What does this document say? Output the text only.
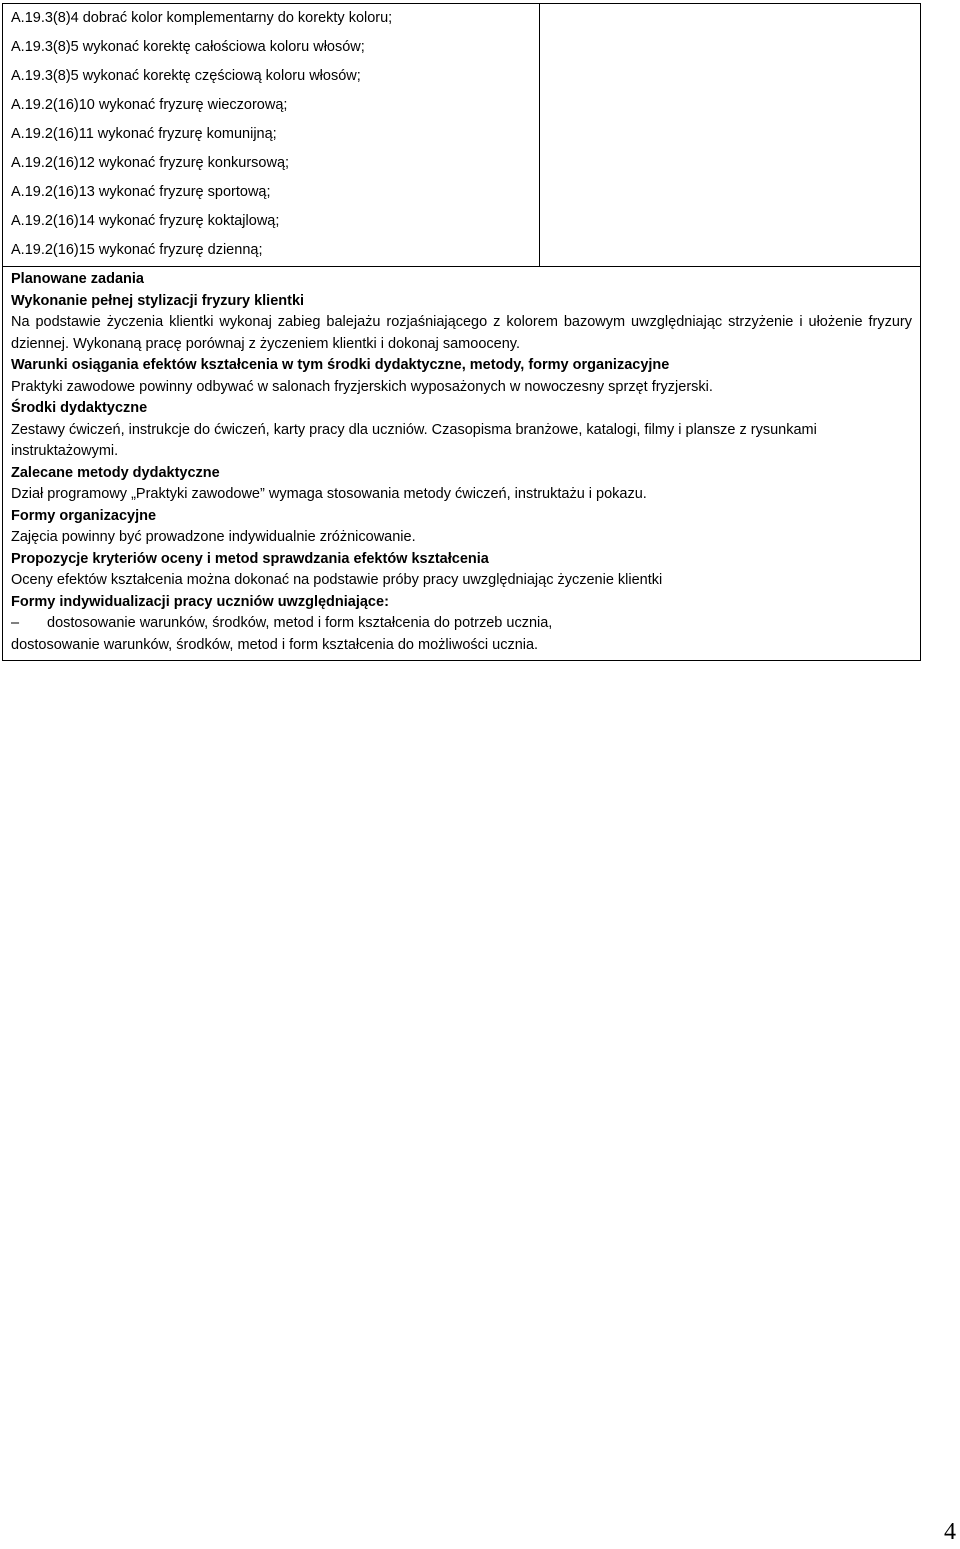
A.19.3(8)4 dobrać kolor komplementarny do korekty koloru;
A.19.3(8)5 wykonać korektę całościowa koloru włosów;
A.19.3(8)5 wykonać korektę częściową koloru włosów;
A.19.2(16)10 wykonać fryzurę wieczorową;
A.19.2(16)11 wykonać fryzurę komunijną;
A.19.2(16)12 wykonać fryzurę konkursową;
A.19.2(16)13 wykonać fryzurę sportową;
A.19.2(16)14 wykonać fryzurę koktajlową;
A.19.2(16)15 wykonać fryzurę dzienną;

Planowane zadania

Wykonanie pełnej stylizacji fryzury klientki

Na podstawie życzenia klientki wykonaj zabieg balejażu rozjaśniającego z kolorem bazowym uwzględniając strzyżenie i ułożenie fryzury dziennej. Wykonaną pracę porównaj z życzeniem klientki i dokonaj samooceny.

Warunki osiągania efektów kształcenia w tym środki dydaktyczne, metody, formy organizacyjne

Praktyki zawodowe powinny odbywać w salonach fryzjerskich wyposażonych w nowoczesny sprzęt fryzjerski.

Środki dydaktyczne

Zestawy ćwiczeń, instrukcje do ćwiczeń, karty pracy dla uczniów. Czasopisma branżowe, katalogi, filmy i plansze z rysunkami instruktażowymi.

Zalecane metody dydaktyczne

Dział programowy „Praktyki zawodowe” wymaga stosowania metody ćwiczeń, instruktażu i pokazu.

Formy organizacyjne

Zajęcia powinny być prowadzone indywidualnie zróżnicowanie.

Propozycje kryteriów oceny i metod sprawdzania efektów kształcenia

Oceny efektów kształcenia można dokonać na podstawie próby pracy uwzględniając życzenie klientki

Formy indywidualizacji pracy uczniów uwzględniające:

–	dostosowanie warunków, środków, metod i form kształcenia do potrzeb ucznia,

dostosowanie warunków, środków, metod i form kształcenia do możliwości ucznia.

4
